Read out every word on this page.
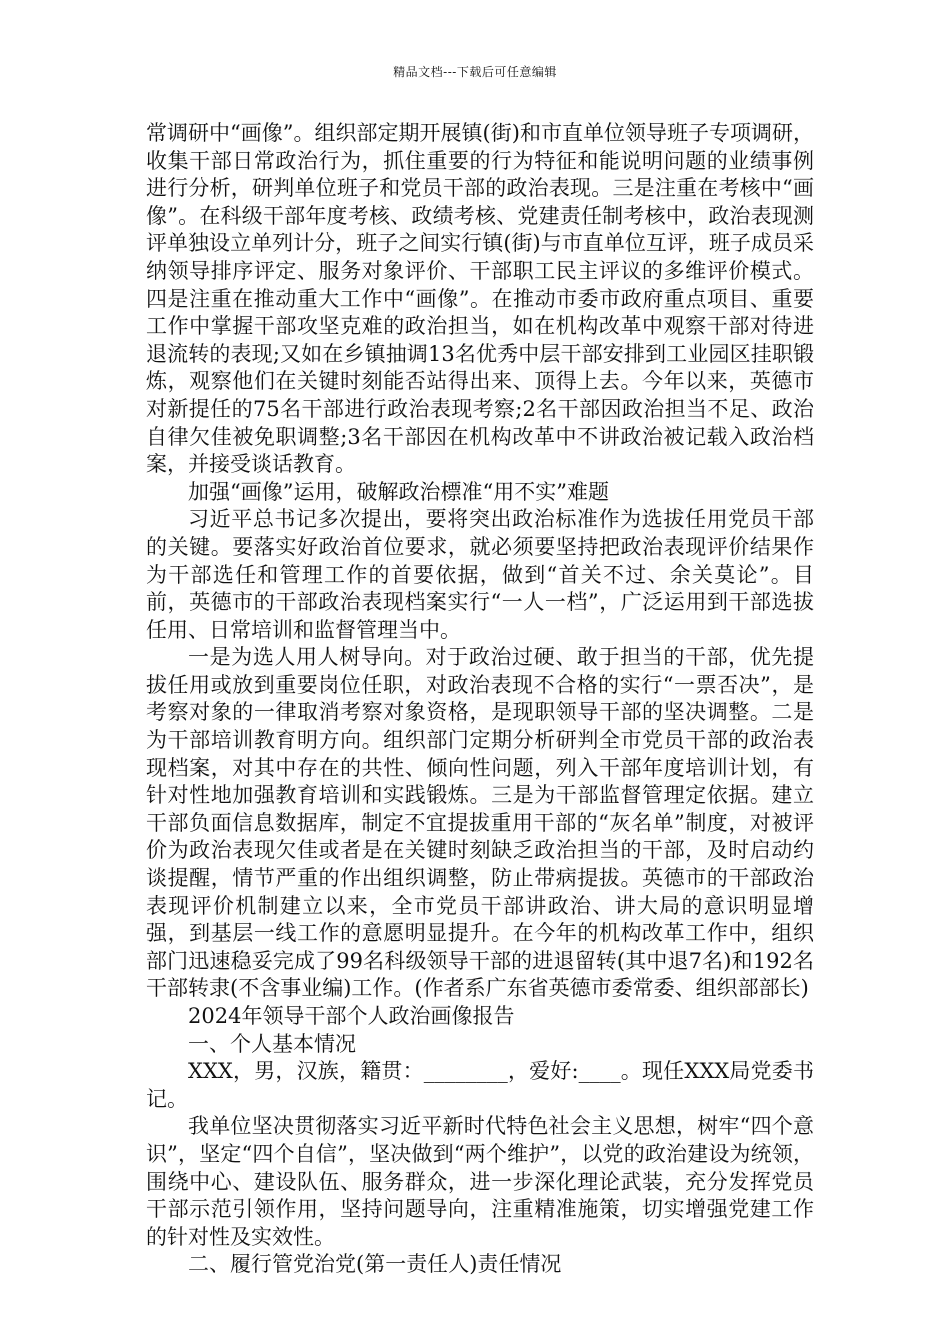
精品文档---下载后可任意编辑

常调研中“画像”。组织部定期开展镇(街)和市直单位领导班子专项调研，收集干部日常政治行为，抓住重要的行为特征和能说明问题的业绩事例进行分析，研判单位班子和党员干部的政治表现。三是注重在考核中“画像”。在科级干部年度考核、政绩考核、党建责任制考核中，政治表现测评单独设立单列计分，班子之间实行镇(街)与市直单位互评，班子成员采纳领导排序评定、服务对象评价、干部职工民主评议的多维评价模式。四是注重在推动重大工作中“画像”。在推动市委市政府重点项目、重要工作中掌握干部攻坚克难的政治担当，如在机构改革中观察干部对待进退流转的表现;又如在乡镇抽调13名优秀中层干部安排到工业园区挂职锻炼，观察他们在关键时刻能否站得出来、顶得上去。今年以来，英德市对新提任的75名干部进行政治表现考察;2名干部因政治担当不足、政治自律欠佳被免职调整;3名干部因在机构改革中不讲政治被记载入政治档案，并接受谈话教育。

加强“画像”运用，破解政治標准“用不实”难题

习近平总书记多次提出，要将突出政治标准作为选拔任用党员干部的关键。要落实好政治首位要求，就必须要坚持把政治表现评价结果作为干部选任和管理工作的首要依据，做到“首关不过、余关莫论”。目前，英德市的干部政治表现档案实行“一人一档”，广泛运用到干部选拔任用、日常培训和监督管理当中。

一是为选人用人树导向。对于政治过硬、敢于担当的干部，优先提拔任用或放到重要岗位任职，对政治表现不合格的实行“一票否决”，是考察对象的一律取消考察对象资格，是现职领导干部的坚决调整。二是为干部培训教育明方向。组织部门定期分析研判全市党员干部的政治表现档案，对其中存在的共性、倾向性问题，列入干部年度培训计划，有针对性地加强教育培训和实践锻炼。三是为干部监督管理定依据。建立干部负面信息数据库，制定不宜提拔重用干部的“灰名单”制度，对被评价为政治表现欠佳或者是在关键时刻缺乏政治担当的干部，及时启动约谈提醒，情节严重的作出组织调整，防止带病提拔。英德市的干部政治表现评价机制建立以来，全市党员干部讲政治、讲大局的意识明显增强，到基层一线工作的意愿明显提升。在今年的机构改革工作中，组织部门迅速稳妥完成了99名科级领导干部的进退留转(其中退7名)和192名干部转隶(不含事业编)工作。(作者系广东省英德市委常委、组织部部长)

2024年领导干部个人政治画像报告

一、个人基本情况

XXX，男，汉族，籍贯：________，爱好:____。现任XXX局党委书记。

我单位坚决贯彻落实习近平新时代特色社会主义思想，树牢“四个意识”，坚定“四个自信”，坚决做到“两个维护”，以党的政治建设为统领，围绕中心、建设队伍、服务群众，进一步深化理论武装，充分发挥党员干部示范引领作用，坚持问题导向，注重精准施策，切实增强党建工作的针对性及实效性。

二、履行管党治党(第一责任人)责任情况
